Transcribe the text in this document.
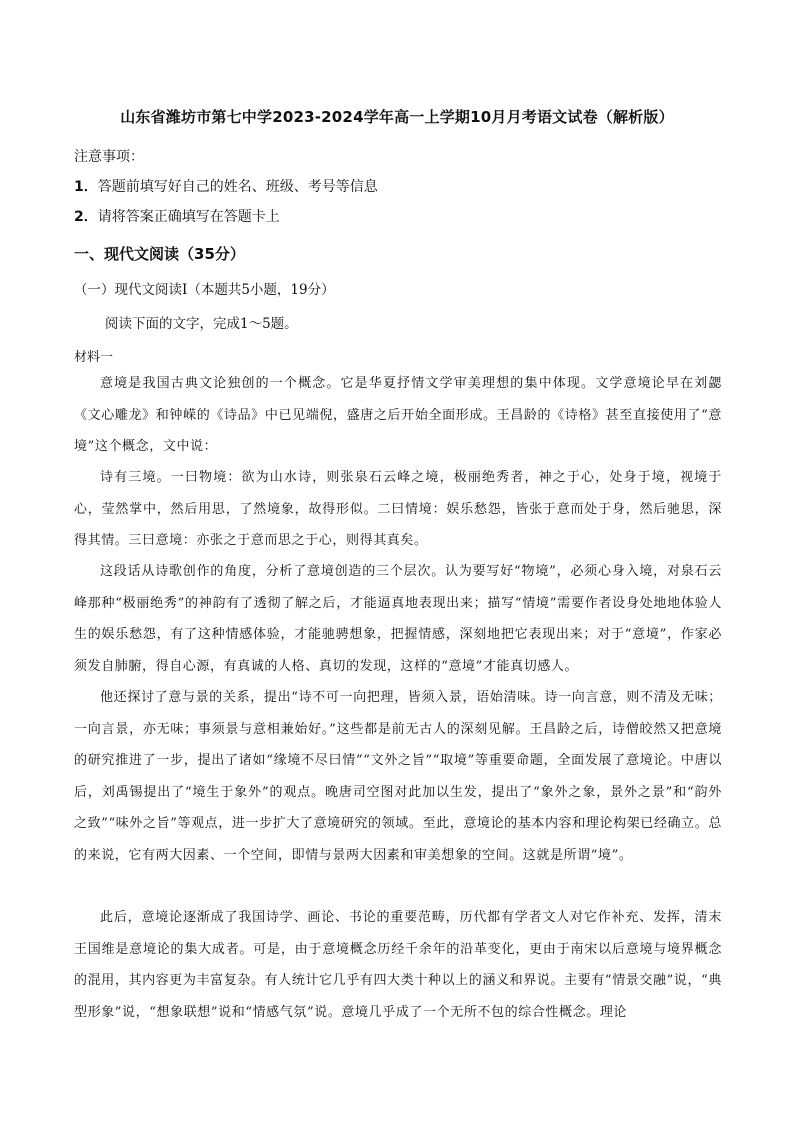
山东省潍坊市第七中学2023-2024学年高一上学期10月月考语文试卷（解析版）
注意事项：
1．答题前填写好自己的姓名、班级、考号等信息
2．请将答案正确填写在答题卡上
一、现代文阅读（35分）
（一）现代文阅读Ⅰ（本题共5小题，19分）
阅读下面的文字，完成1～5题。
材料一
意境是我国古典文论独创的一个概念。它是华夏抒情文学审美理想的集中体现。文学意境论早在刘勰《文心雕龙》和钟嵘的《诗品》中已见端倪，盛唐之后开始全面形成。王昌龄的《诗格》甚至直接使用了“意境”这个概念，文中说：
诗有三境。一曰物境：欲为山水诗，则张泉石云峰之境，极丽绝秀者，神之于心，处身于境，视境于心，莹然掌中，然后用思，了然境象，故得形似。二曰情境：娱乐愁怨，皆张于意而处于身，然后驰思，深得其情。三曰意境：亦张之于意而思之于心，则得其真矣。
这段话从诗歌创作的角度，分析了意境创造的三个层次。认为要写好“物境”，必须心身入境，对泉石云峰那种“极丽绝秀”的神韵有了透彻了解之后，才能逼真地表现出来；描写“情境”需要作者设身处地地体验人生的娱乐愁怨，有了这种情感体验，才能驰骋想象，把握情感，深刻地把它表现出来；对于“意境”，作家必须发自肺腑，得自心源，有真诚的人格、真切的发现，这样的“意境”才能真切感人。
他还探讨了意与景的关系，提出“诗不可一向把理，皆须入景，语始清味。诗一向言意，则不清及无味；一向言景，亦无味；事须景与意相兼始好。”这些都是前无古人的深刻见解。王昌龄之后，诗僧皎然又把意境的研究推进了一步，提出了诸如“缘境不尽曰情”“文外之旨”“取境”等重要命题，全面发展了意境论。中唐以后，刘禹锡提出了“境生于象外”的观点。晚唐司空图对此加以生发，提出了“象外之象，景外之景”和“韵外之致”“味外之旨”等观点，进一步扩大了意境研究的领域。至此，意境论的基本内容和理论构架已经确立。总的来说，它有两大因素、一个空间，即情与景两大因素和审美想象的空间。这就是所谓“境”。
此后，意境论逐渐成了我国诗学、画论、书论的重要范畴，历代都有学者文人对它作补充、发挥，清末王国维是意境论的集大成者。可是，由于意境概念历经千余年的沿革变化，更由于南宋以后意境与境界概念的混用，其内容更为丰富复杂。有人统计它几乎有四大类十种以上的涵义和界说。主要有“情景交融”说，“典型形象”说，“想象联想”说和“情感气氛”说。意境几乎成了一个无所不包的综合性概念。理论
